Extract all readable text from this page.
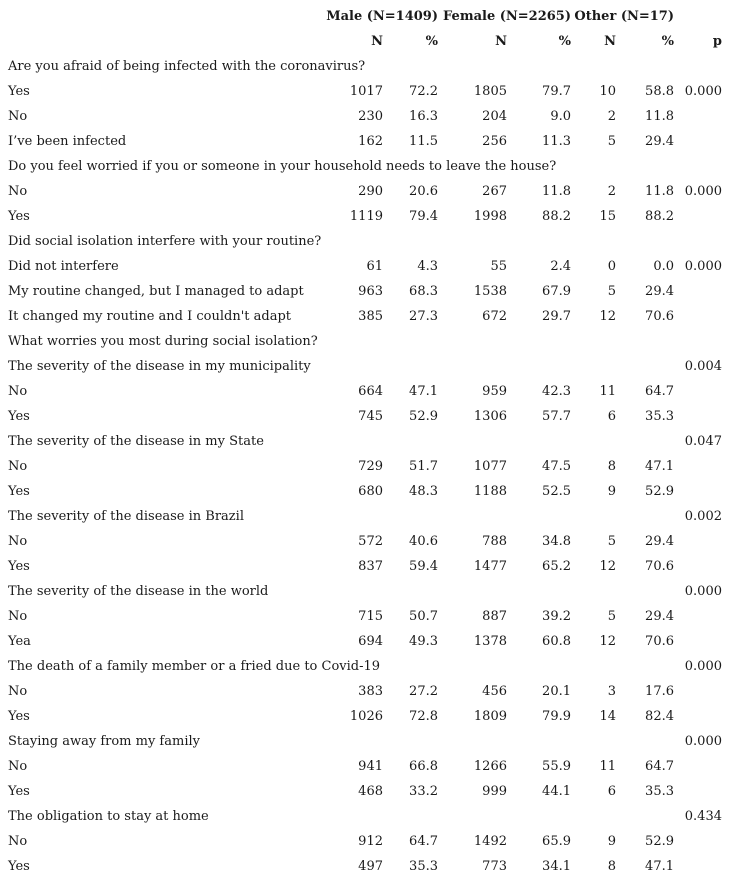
Male (N=1409) Female (N=2265) Other (N=17)
N	%	N	%	N	%	p
Are you afraid of being infected with the coronavirus?
Yes	1017 72.2	1805	79.7 10 58.8 0.000
No	230 16.3	204	9.0	2 11.8
I’ve been infected	162 11.5	256	11.3	5 29.4
Do you feel worried if you or someone in your household needs to leave the house?
No	290 20.6	267	11.8	2 11.8 0.000
Yes	1119 79.4	1998	88.2 15 88.2
Did social isolation interfere with your routine?
Did not interfere	61	4.3	55	2.4	0	0.0 0.000
My routine changed, but I managed to adapt	963 68.3	1538	67.9	5 29.4
It changed my routine and I couldn't adapt	385 27.3	672	29.7 12 70.6
What worries you most during social isolation?
The severity of the disease in my municipality	0.004
No	664 47.1	959	42.3 11 64.7
Yes	745 52.9	1306	57.7	6 35.3
The severity of the disease in my State	0.047
No	729 51.7	1077	47.5	8 47.1
Yes	680 48.3	1188	52.5	9 52.9
The severity of the disease in Brazil	0.002
No	572 40.6	788	34.8	5 29.4
Yes	837 59.4	1477	65.2 12 70.6
The severity of the disease in the world	0.000
No	715 50.7	887	39.2	5 29.4
Yea	694 49.3	1378	60.8 12 70.6
The death of a family member or a fried due to Covid-19	0.000
No	383 27.2	456	20.1	3 17.6
Yes	1026 72.8	1809	79.9 14 82.4
Staying away from my family	0.000
No	941 66.8	1266	55.9 11 64.7
Yes	468 33.2	999	44.1	6 35.3
The obligation to stay at home	0.434
No	912 64.7	1492	65.9	9 52.9
Yes	497 35.3	773	34.1	8 47.1
